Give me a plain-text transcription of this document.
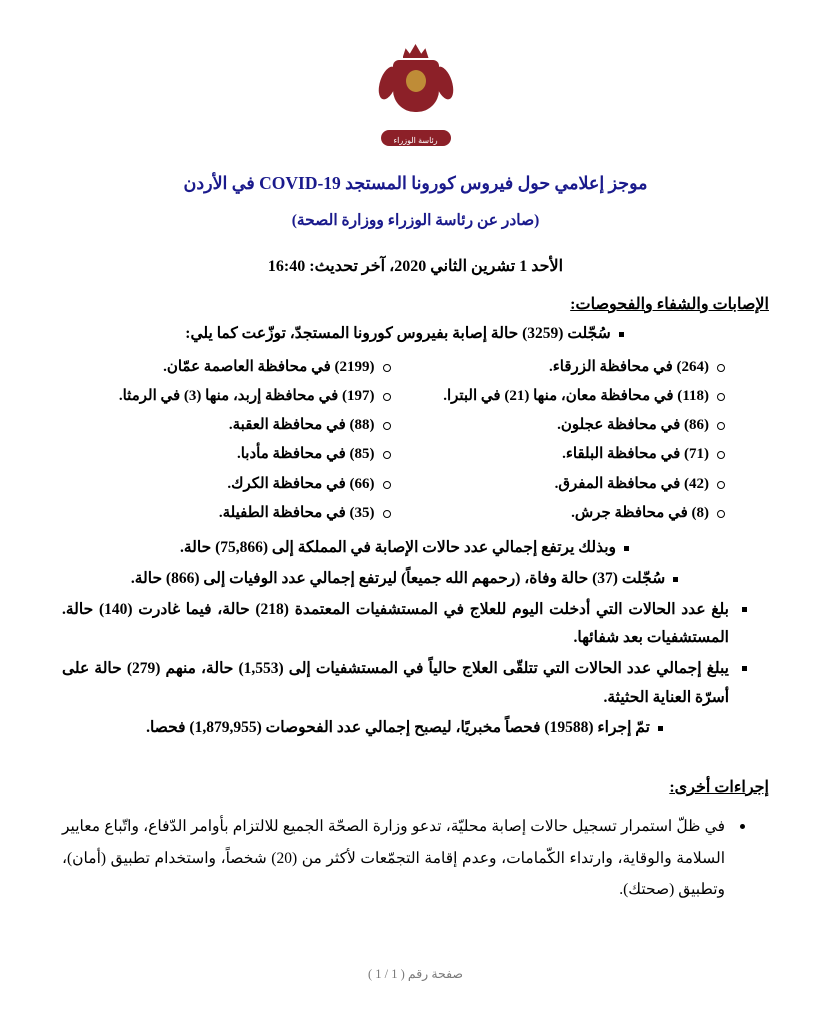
رئاسة الوزراء
موجز إعلامي حول فيروس كورونا المستجد COVID-19 في الأردن
(صادر عن رئاسة الوزراء ووزارة الصحة)
الأحد 1 تشرين الثاني 2020، آخر تحديث: 16:40
الإصابات والشفاء والفحوصات:
سُجّلت (3259) حالة إصابة بفيروس كورونا المستجدّ، توزّعت كما يلي:
(264) في محافظة الزرقاء.
(2199) في محافظة العاصمة عمّان.
(118) في محافظة معان، منها (21) في البترا.
(197) في محافظة إربد، منها (3) في الرمثا.
(86) في محافظة عجلون.
(88) في محافظة العقبة.
(71) في محافظة البلقاء.
(85) في محافظة مأدبا.
(42) في محافظة المفرق.
(66) في محافظة الكرك.
(8) في محافظة جرش.
(35) في محافظة الطفيلة.
وبذلك يرتفع إجمالي عدد حالات الإصابة في المملكة إلى (75,866) حالة.
سُجّلت (37) حالة وفاة، (رحمهم الله جميعاً) ليرتفع إجمالي عدد الوفيات إلى (866) حالة.
بلغ عدد الحالات التي أدخلت اليوم للعلاج في المستشفيات المعتمدة (218) حالة، فيما غادرت (140) حالة. المستشفيات بعد شفائها.
يبلغ إجمالي عدد الحالات التي تتلقّى العلاج حالياً في المستشفيات إلى (1,553) حالة، منهم (279) حالة على أسرّة العناية الحثيثة.
تمّ إجراء (19588) فحصاً مخبريًا، ليصبح إجمالي عدد الفحوصات (1,879,955) فحصا.
إجراءات أخرى:
في ظلّ استمرار تسجيل حالات إصابة محليّة، تدعو وزارة الصحّة الجميع للالتزام بأوامر الدّفاع، واتّباع معايير السلامة والوقاية، وارتداء الكّمامات، وعدم إقامة التجمّعات لأكثر من (20) شخصاً، واستخدام تطبيق (أمان)، وتطبيق (صحتك).
صفحة رقم ( 1 / 1 )
